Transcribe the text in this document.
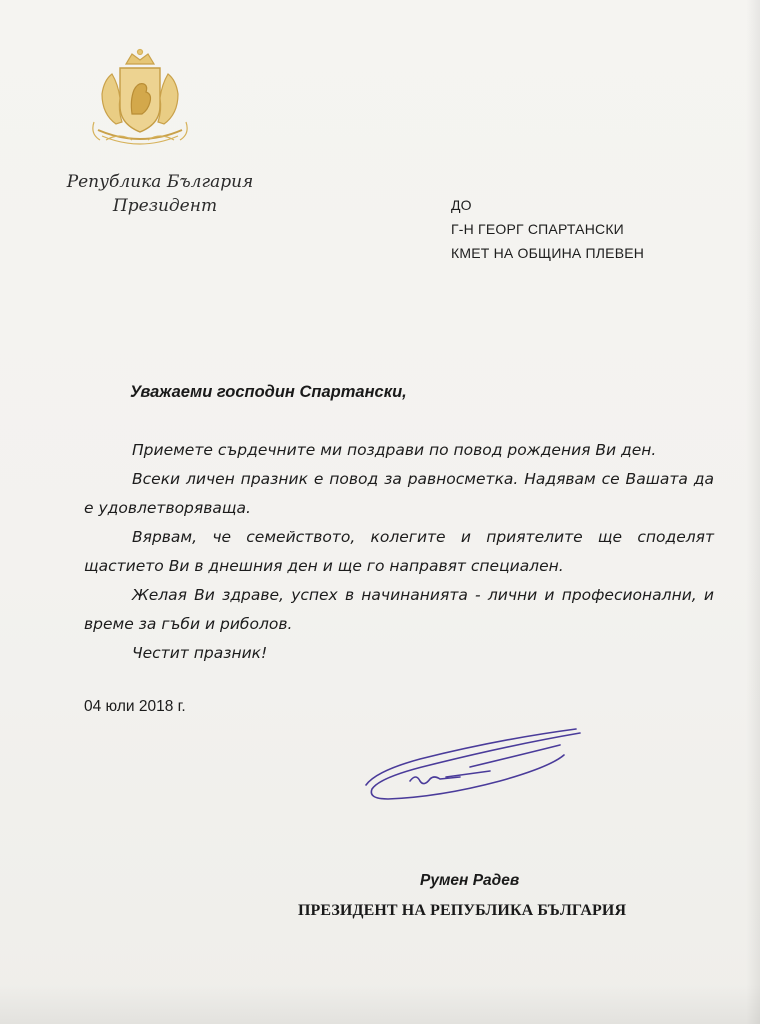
Република България

Президент	ДО
Г-Н ГЕОРГ СПАРТАНСКИ
КМЕТ НА ОБЩИНА ПЛЕВЕН
Уважаеми господин Спартански,

Приемете сърдечните ми поздрави по повод рождения Ви ден.

Всеки личен празник е повод за равносметка. Надявам се Вашата да е удовлетворяваща.

Вярвам, че семейството, колегите и приятелите ще споделят щастието Ви в днешния ден и ще го направят специален.

Желая Ви здраве, успех в начинанията - лични и професионални, и време за гъби и риболов.

Честит празник!

04 юли 2018 г.
Румен Радев
ПРЕЗИДЕНТ НА РЕПУБЛИКА БЪЛГАРИЯ
